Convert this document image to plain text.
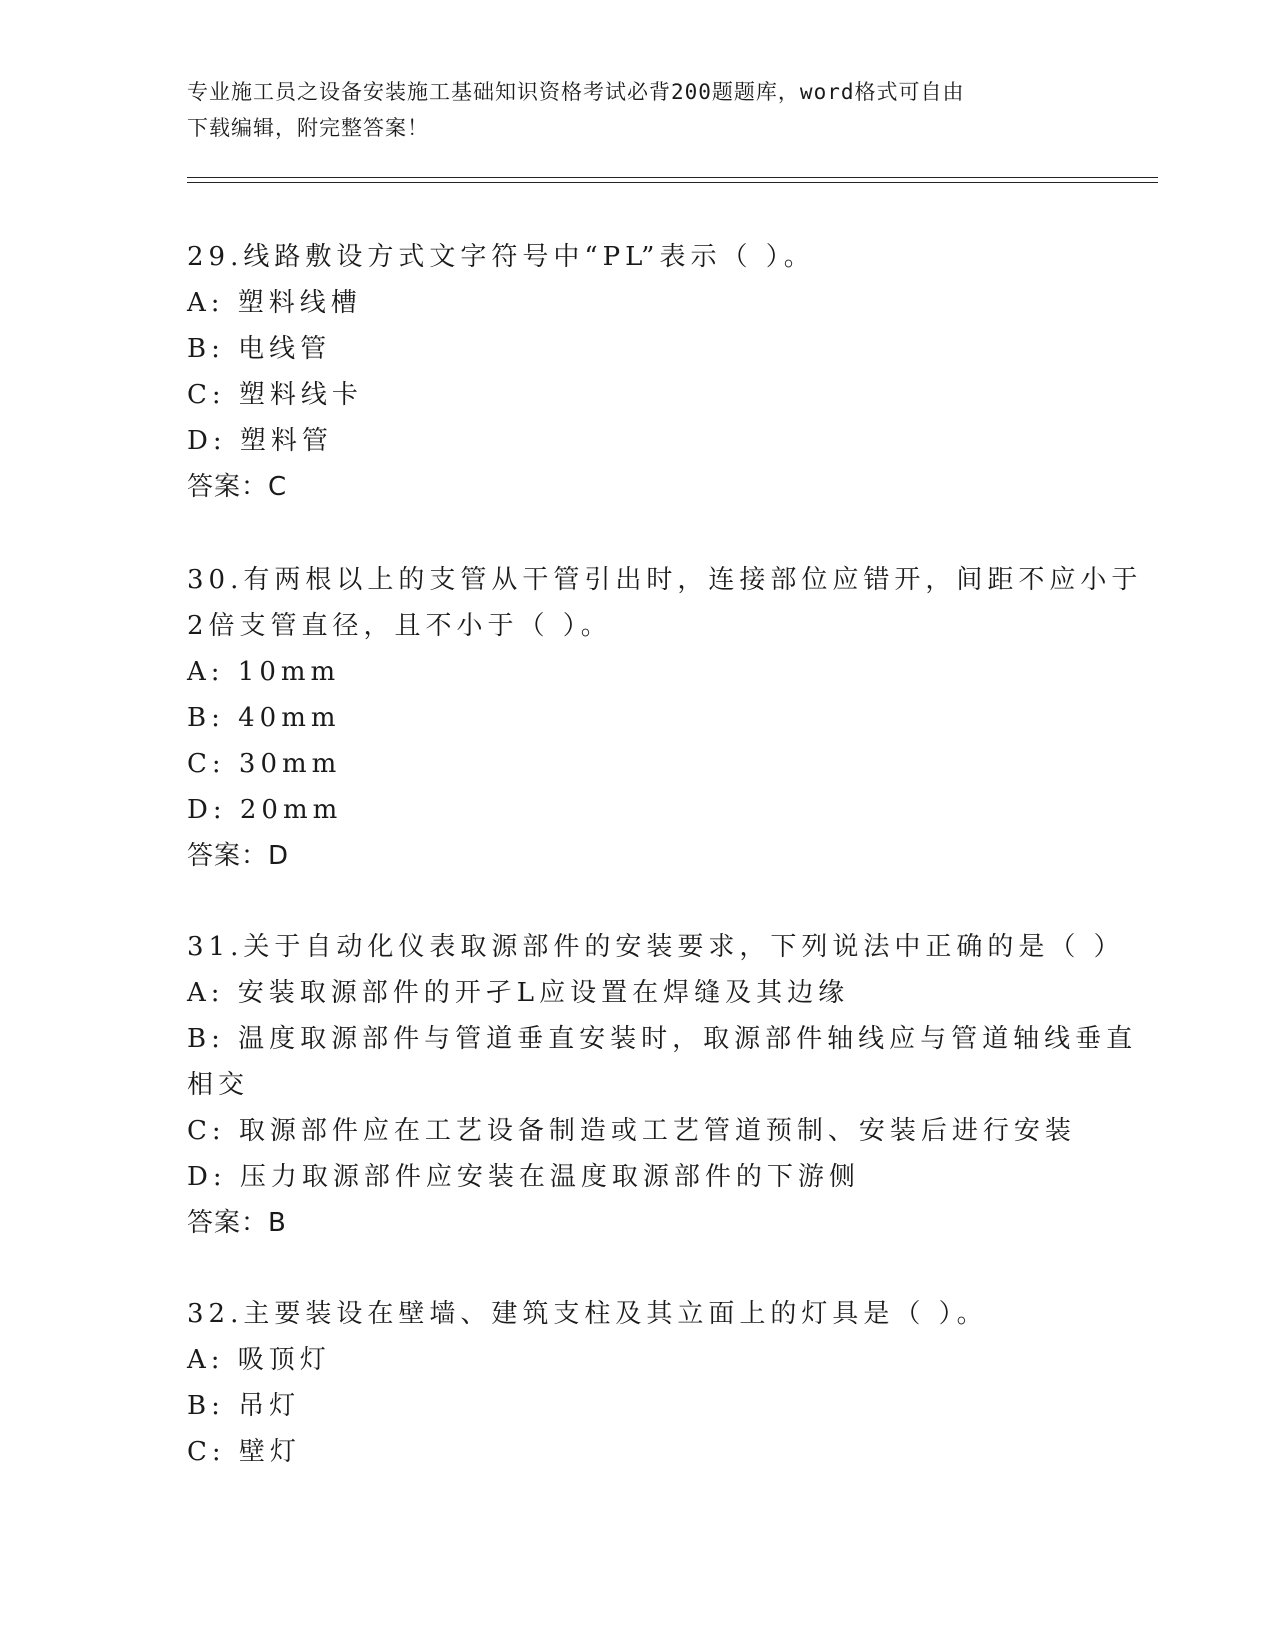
专业施工员之设备安装施工基础知识资格考试必背200题题库，word格式可自由
下载编辑，附完整答案！
29.线路敷设方式文字符号中“PL”表示（ ）。
A: 塑料线槽
B: 电线管
C: 塑料线卡
D: 塑料管
答案：C
30.有两根以上的支管从干管引出时，连接部位应错开，间距不应小于
2倍支管直径，且不小于（ ）。
A: 10mm
B: 40mm
C: 30mm
D: 20mm
答案：D
31.关于自动化仪表取源部件的安装要求，下列说法中正确的是（ ）
A: 安装取源部件的开孑L应设置在焊缝及其边缘
B: 温度取源部件与管道垂直安装时，取源部件轴线应与管道轴线垂直
相交
C: 取源部件应在工艺设备制造或工艺管道预制、安装后进行安装
D: 压力取源部件应安装在温度取源部件的下游侧
答案：B
32.主要装设在壁墙、建筑支柱及其立面上的灯具是（ ）。
A: 吸顶灯
B: 吊灯
C: 壁灯
